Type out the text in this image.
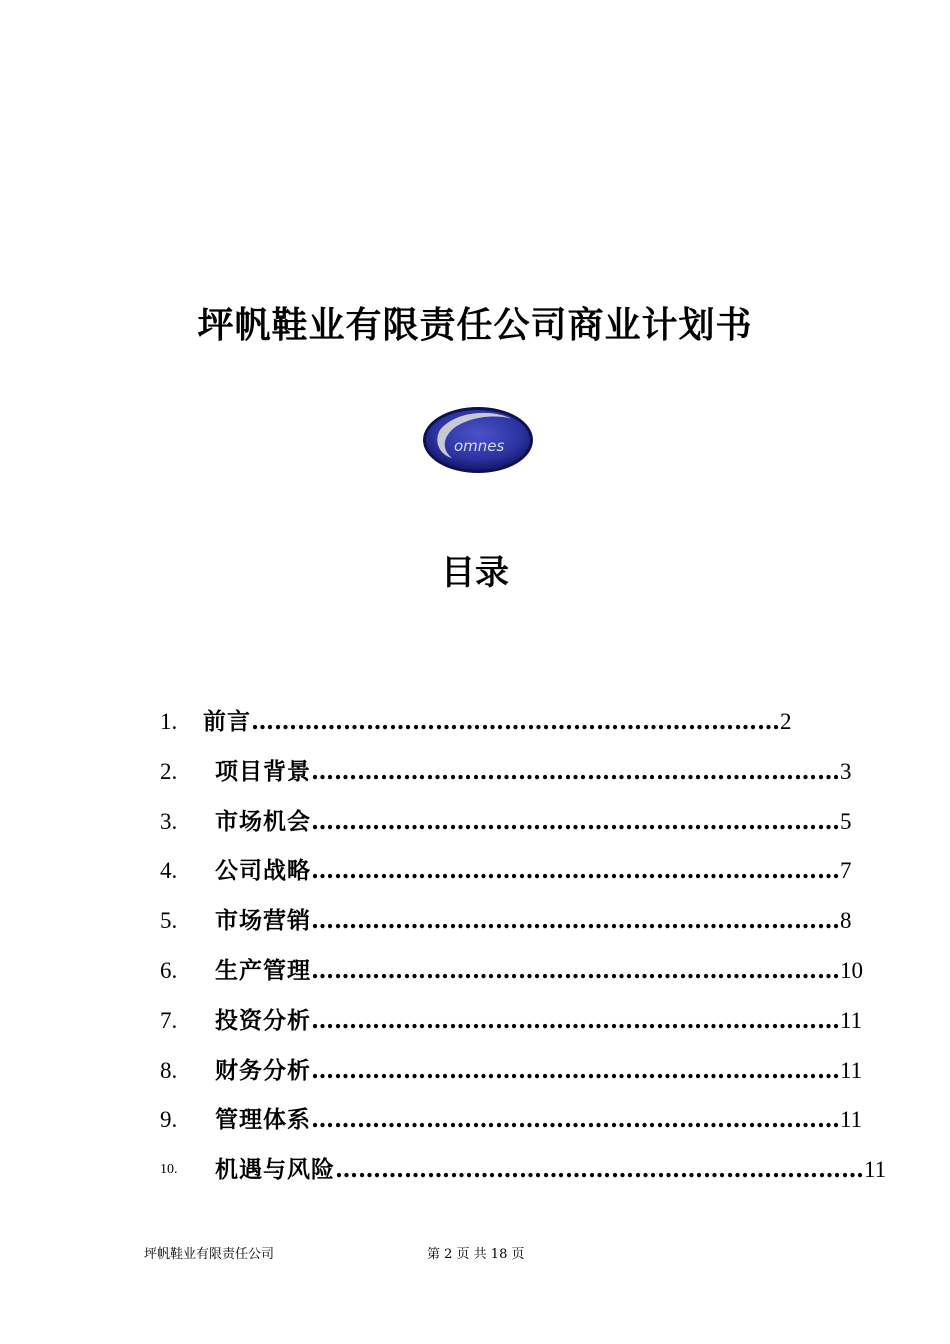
坪帆鞋业有限责任公司商业计划书
omnes
目录
1. 前言 …………………………………………………………… 2
2. 项目背景 …………………………………………………………… 3
3. 市场机会 …………………………………………………………… 5
4. 公司战略 …………………………………………………………… 7
5. 市场营销 …………………………………………………………… 8
6. 生产管理 …………………………………………………………… 10
7. 投资分析 …………………………………………………………… 11
8. 财务分析 …………………………………………………………… 11
9. 管理体系 …………………………………………………………… 11
10. 机遇与风险 …………………………………………………………… 11
坪帆鞋业有限责任公司	第 2 页 共 18 页
